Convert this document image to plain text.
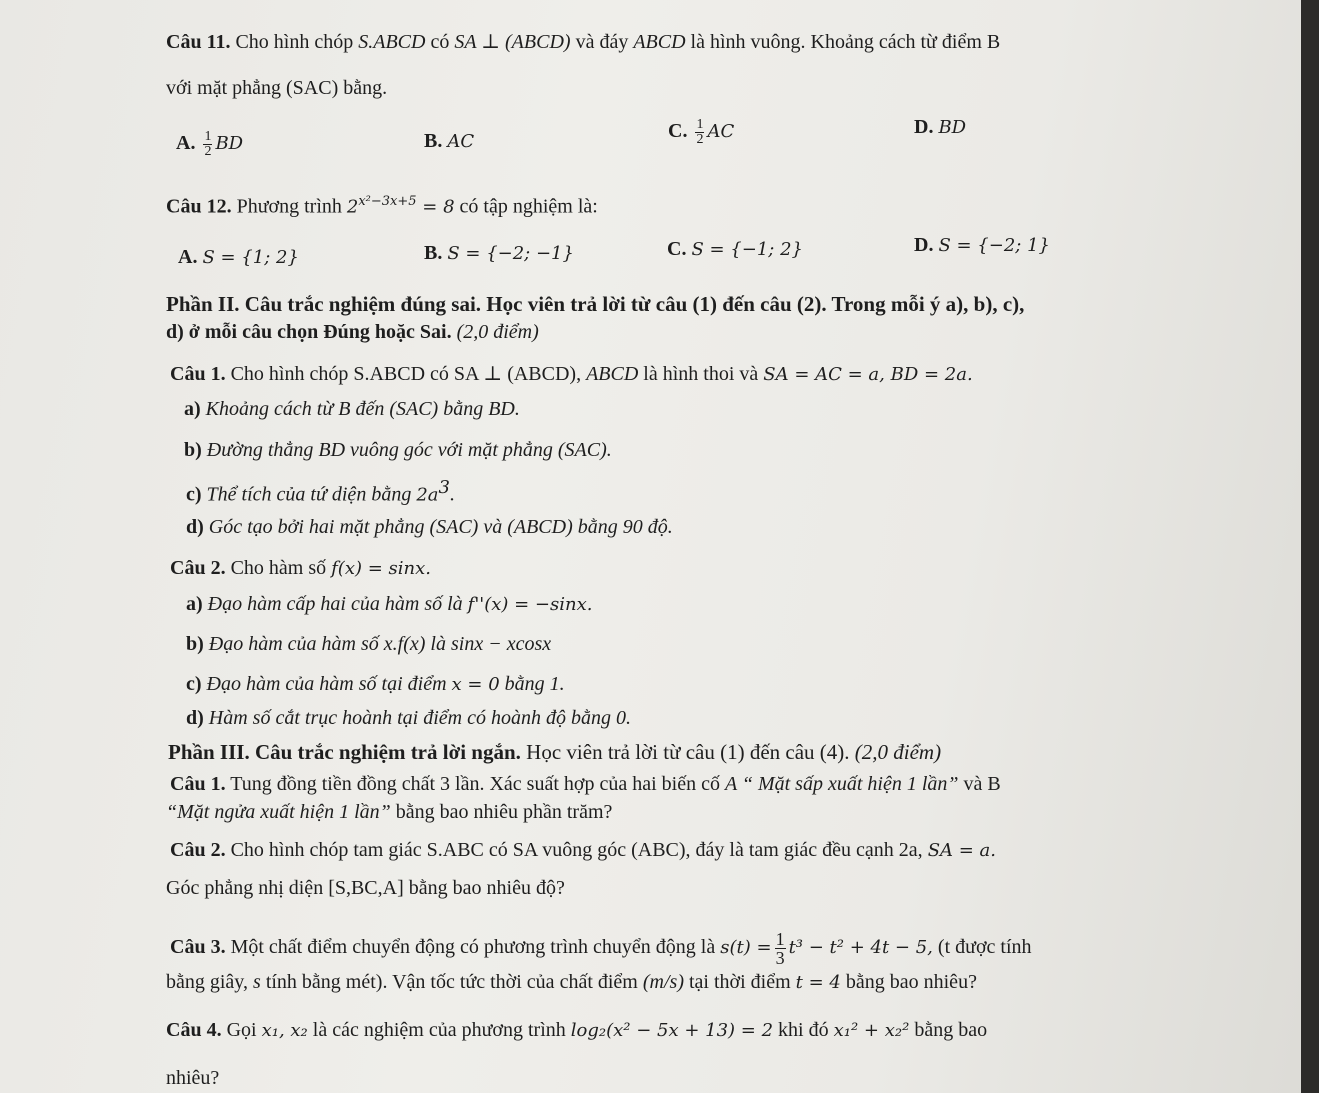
Câu 11. Cho hình chóp S.ABCD có SA ⊥ (ABCD) và đáy ABCD là hình vuông. Khoảng cách từ điểm B
với mặt phẳng (SAC) bằng.
A. $\frac{1}{2}$ BD	B. AC	C. $\frac{1}{2}$ AC	D. BD
Câu 12. Phương trình $2^{x^2-3x+5} = 8$ có tập nghiệm là:
A. S = {1; 2}	B. S = {−2; −1}	C. S = {−1; 2}	D. S = {−2; 1}
Phần II. Câu trắc nghiệm đúng sai. Học viên trả lời từ câu (1) đến câu (2). Trong mỗi ý a), b), c),
d) ở mỗi câu chọn Đúng hoặc Sai. (2,0 điểm)
Câu 1. Cho hình chóp S.ABCD có SA ⊥ (ABCD), ABCD là hình thoi và SA = AC = a, BD = 2a.
a) Khoảng cách từ B đến (SAC) bằng BD.
b) Đường thẳng BD vuông góc với mặt phẳng (SAC).
c) Thể tích của tứ diện bằng $2a^3$.
d) Góc tạo bởi hai mặt phẳng (SAC) và (ABCD) bằng 90 độ.
Câu 2. Cho hàm số f(x) = sinx.
a) Đạo hàm cấp hai của hàm số là f''(x) = −sinx.
b) Đạo hàm của hàm số x.f(x) là sinx − xcosx
c) Đạo hàm của hàm số tại điểm x = 0 bằng 1.
d) Hàm số cắt trục hoành tại điểm có hoành độ bằng 0.
Phần III. Câu trắc nghiệm trả lời ngắn. Học viên trả lời từ câu (1) đến câu (4). (2,0 điểm)
Câu 1. Tung đồng tiền đồng chất 3 lần. Xác suất hợp của hai biến cố A “ Mặt sấp xuất hiện 1 lần” và B
“Mặt ngửa xuất hiện 1 lần” bằng bao nhiêu phần trăm?
Câu 2. Cho hình chóp tam giác S.ABC có SA vuông góc (ABC), đáy là tam giác đều cạnh 2a, SA = a.
Góc phẳng nhị diện [S,BC,A] bằng bao nhiêu độ?
Câu 3. Một chất điểm chuyển động có phương trình chuyển động là $s(t) = \frac{1}{3} t^3 - t^2 + 4t - 5$, (t được tính
bằng giây, s tính bằng mét). Vận tốc tức thời của chất điểm (m/s) tại thời điểm t = 4 bằng bao nhiêu?
Câu 4. Gọi x₁, x₂ là các nghiệm của phương trình log₂(x² − 5x + 13) = 2 khi đó x₁² + x₂² bằng bao
nhiêu?
